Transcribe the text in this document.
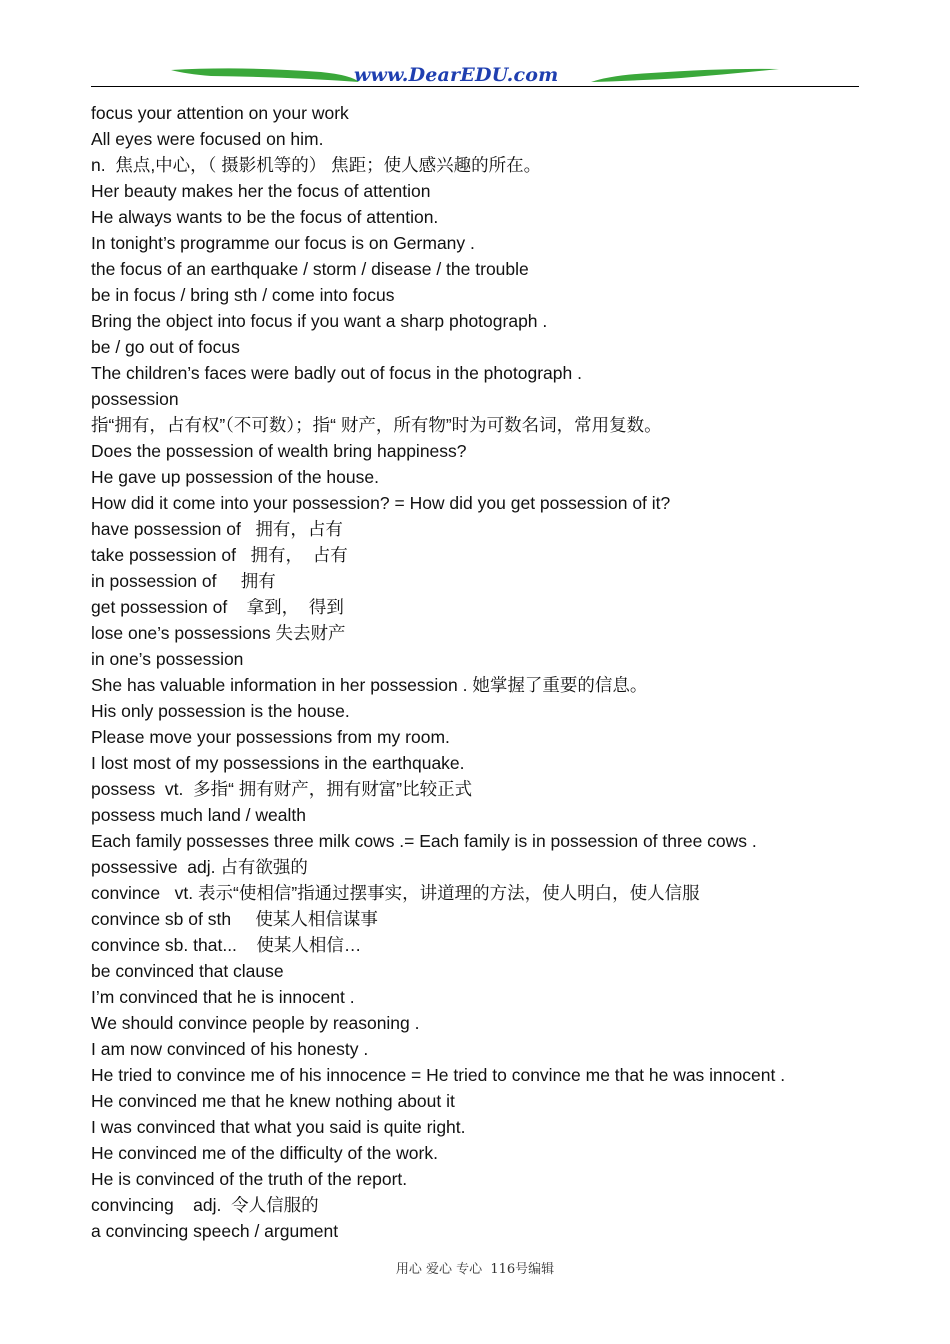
www.DearEDU.com
focus your attention on your work
All eyes were focused on him.
n.  焦点,中心，（ 摄影机等的） 焦距；使人感兴趣的所在。
Her beauty makes her the focus of attention
He always wants to be the focus of attention.
In tonight’s programme our focus is on Germany .
the focus of an earthquake / storm / disease / the trouble
be in focus / bring sth / come into focus
Bring the object into focus if you want a sharp photograph .
be / go out of focus
The children’s faces were badly out of focus in the photograph .
possession
指“拥有，占有权”（不可数）；指“ 财产，所有物”时为可数名词，常用复数。
Does the possession of wealth bring happiness?
He gave up possession of the house.
How did it come into your possession? = How did you get possession of it?
have possession of   拥有，占有
take possession of   拥有，  占有
in possession of     拥有
get possession of    拿到，  得到
lose one’s possessions 失去财产
in one’s possession
She has valuable information in her possession . 她掌握了重要的信息。
His only possession is the house.
Please move your possessions from my room.
I lost most of my possessions in the earthquake.
possess  vt.  多指“ 拥有财产，拥有财富”比较正式
possess much land / wealth
Each family possesses three milk cows .= Each family is in possession of three cows .
possessive  adj. 占有欲强的
convince   vt. 表示“使相信”指通过摆事实，讲道理的方法，使人明白，使人信服
convince sb of sth     使某人相信谋事
convince sb. that...    使某人相信…
be convinced that clause
I’m convinced that he is innocent .
We should convince people by reasoning .
I am now convinced of his honesty .
He tried to convince me of his innocence = He tried to convince me that he was innocent .
He convinced me that he knew nothing about it
I was convinced that what you said is quite right.
He convinced me of the difficulty of the work.
He is convinced of the truth of the report.
convincing    adj.  令人信服的
a convincing speech / argument
用心 爱心 专心  116号编辑
